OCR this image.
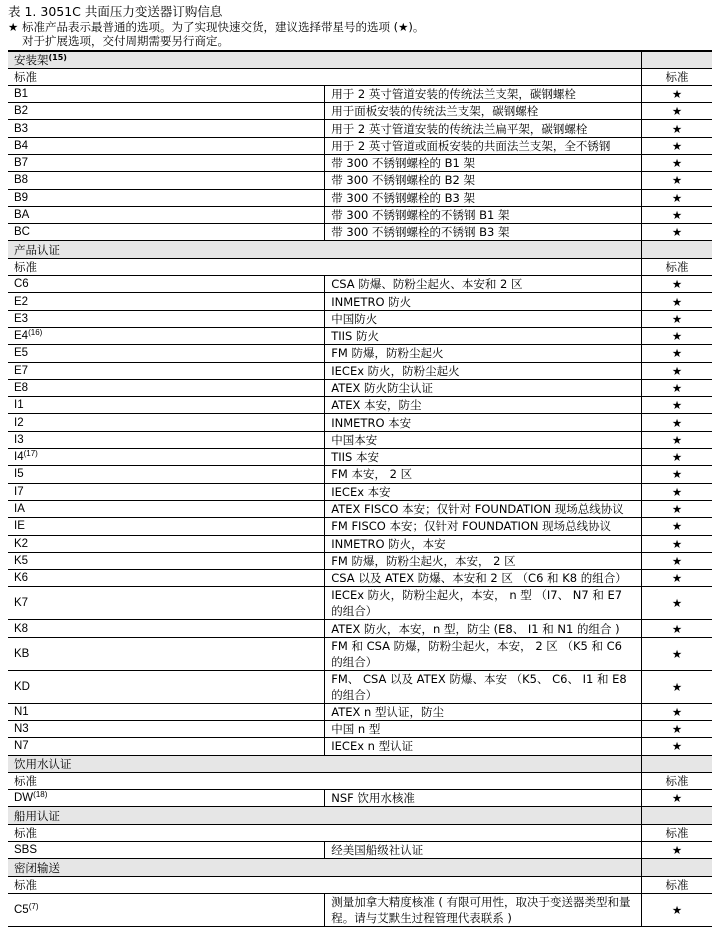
表 1. 3051C 共面压力变送器订购信息
★ 标准产品表示最普通的选项。为了实现快速交货，建议选择带星号的选项 (★)。
对于扩展选项，交付周期需要另行商定。
安装架$^{(15)}$	
标准		标准
B1	用于 2 英寸管道安装的传统法兰支架，碳钢螺栓	★
B2	用于面板安装的传统法兰支架，碳钢螺栓	★
B3	用于 2 英寸管道安装的传统法兰扁平架，碳钢螺栓	★
B4	用于 2 英寸管道或面板安装的共面法兰支架，全不锈钢	★
B7	带 300 不锈钢螺栓的 B1 架	★
B8	带 300 不锈钢螺栓的 B2 架	★
B9	带 300 不锈钢螺栓的 B3 架	★
BA	带 300 不锈钢螺栓的不锈钢 B1 架	★
BC	带 300 不锈钢螺栓的不锈钢 B3 架	★
产品认证		
标准		标准
C6	CSA 防爆、防粉尘起火、本安和 2 区	★
E2	INMETRO 防火	★
E3	中国防火	★
E4$^{(16)}$	TIIS 防火	★
E5	FM 防爆，防粉尘起火	★
E7	IECEx 防火，防粉尘起火	★
E8	ATEX 防火防尘认证	★
I1	ATEX 本安，防尘	★
I2	INMETRO 本安	★
I3	中国本安	★
I4$^{(17)}$	TIIS 本安	★
I5	FM 本安， 2 区	★
I7	IECEx 本安	★
IA	ATEX FISCO 本安；仅针对 FOUNDATION 现场总线协议	★
IE	FM FISCO 本安；仅针对 FOUNDATION 现场总线协议	★
K2	INMETRO 防火，本安	★
K5	FM 防爆，防粉尘起火，本安， 2 区	★
K6	CSA 以及 ATEX 防爆、本安和 2 区 （C6 和 K8 的组合）	★
K7	IECEx 防火，防粉尘起火，本安， n 型 （I7、 N7 和 E7 的组合）	★
K8	ATEX 防火，本安，n 型，防尘 (E8、 I1 和 N1 的组合 )	★
KB	FM 和 CSA 防爆，防粉尘起火，本安， 2 区 （K5 和 C6 的组合）	★
KD	FM、 CSA 以及 ATEX 防爆、本安 （K5、 C6、 I1 和 E8 的组合）	★
N1	ATEX n 型认证，防尘	★
N3	中国 n 型	★
N7	IECEx n 型认证	★
饮用水认证		
标准		标准
DW$^{(18)}$	NSF 饮用水核准	★
船用认证		
标准		标准
SBS	经美国船级社认证	★
密闭输送		
标准		标准
C5$^{(7)}$	测量加拿大精度核准 ( 有限可用性，取决于变送器类型和量程。请与艾默生过程管理代表联系 )	★
